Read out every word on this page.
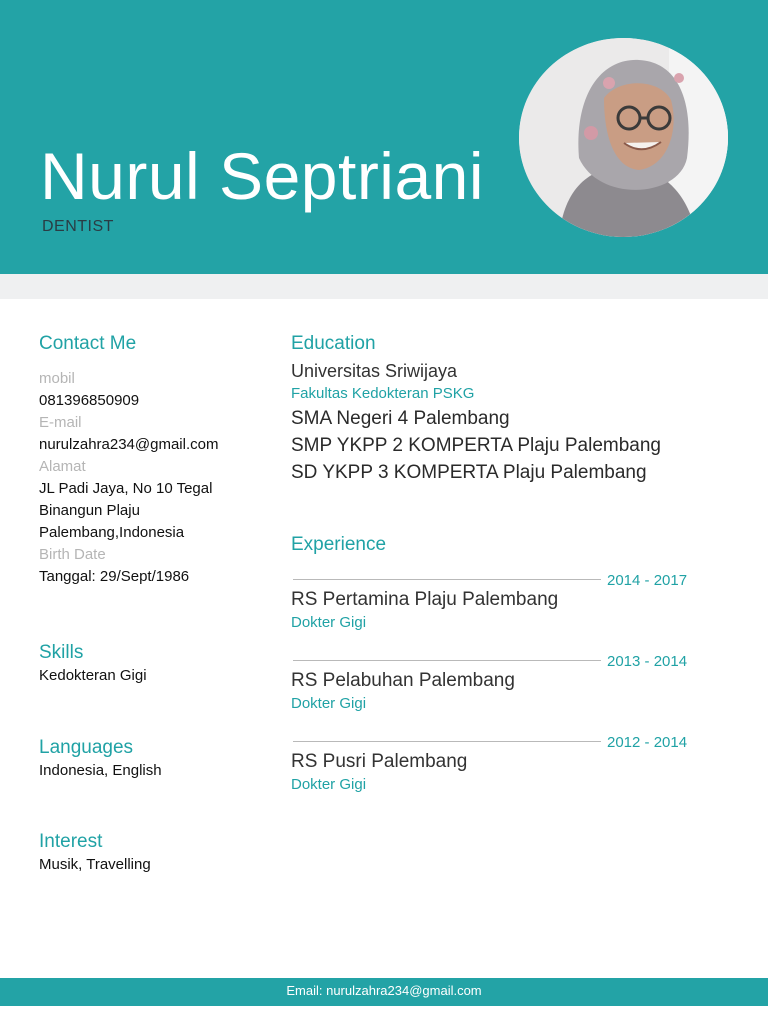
Nurul Septriani
DENTIST
Contact Me
mobil
081396850909
E-mail
nurulzahra234@gmail.com
Alamat
JL Padi Jaya, No 10 Tegal
Binangun Plaju
Palembang,Indonesia
Birth Date
Tanggal: 29/Sept/1986
Skills
Kedokteran Gigi
Languages
Indonesia, English
Interest
Musik, Travelling
Education
Universitas Sriwijaya
Fakultas Kedokteran PSKG
SMA Negeri 4 Palembang
SMP YKPP 2 KOMPERTA Plaju Palembang
SD YKPP 3 KOMPERTA Plaju Palembang
Experience
2014 - 2017
RS Pertamina Plaju Palembang
Dokter Gigi
2013 - 2014
RS Pelabuhan Palembang
Dokter Gigi
2012 - 2014
RS Pusri Palembang
Dokter Gigi
Email: nurulzahra234@gmail.com
